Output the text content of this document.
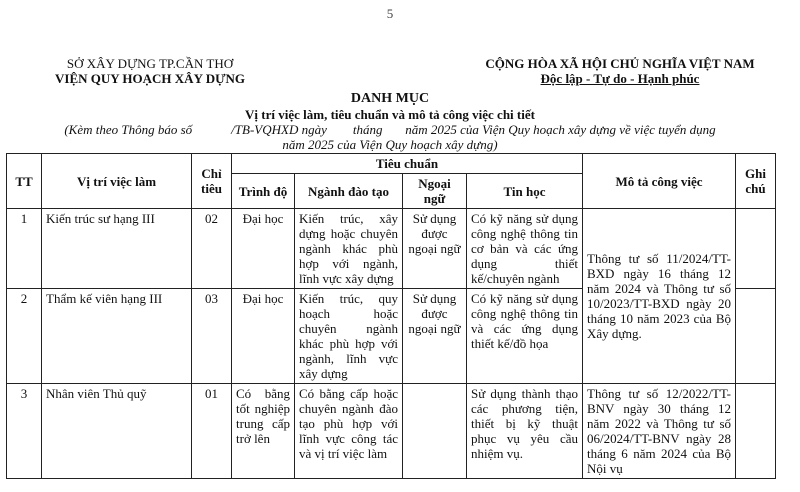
5
SỞ XÂY DỰNG TP.CẦN THƠ
VIỆN QUY HOẠCH XÂY DỰNG
CỘNG HÒA XÃ HỘI CHỦ NGHĨA VIỆT NAM
Độc lập - Tự do - Hạnh phúc
DANH MỤC
Vị trí việc làm, tiêu chuẩn và mô tả công việc chi tiết
(Kèm theo Thông báo số            /TB-VQHXD ngày        tháng       năm 2025 của Viện Quy hoạch xây dựng về việc tuyển dụng
năm 2025 của Viện Quy hoạch xây dựng)
TT	Vị trí việc làm	Chỉ tiêu	Tiêu chuẩn				Mô tả công việc	Ghi chú
			Trình độ	Ngành đào tạo	Ngoại ngữ	Tin học		
1	Kiến trúc sư hạng III	02	Đại học	Kiến trúc, xây dựng hoặc chuyên ngành khác phù hợp với ngành, lĩnh vực xây dựng	Sử dụng được ngoại ngữ	Có kỹ năng sử dụng công nghệ thông tin cơ bản và các ứng dụng thiết kế/chuyên ngành	Thông tư số 11/2024/TT-BXD ngày 16 tháng 12 năm 2024 và Thông tư số 10/2023/TT-BXD ngày 20 tháng 10 năm 2023 của Bộ Xây dựng.	
2	Thẩm kế viên hạng III	03	Đại học	Kiến trúc, quy hoạch hoặc chuyên ngành khác phù hợp với ngành, lĩnh vực xây dựng	Sử dụng được ngoại ngữ	Có kỹ năng sử dụng công nghệ thông tin và các ứng dụng thiết kế/đồ họa		
3	Nhân viên Thủ quỹ	01	Có bằng tốt nghiệp trung cấp trở lên	Có bằng cấp hoặc chuyên ngành đào tạo phù hợp với lĩnh vực công tác và vị trí việc làm		Sử dụng thành thạo các phương tiện, thiết bị kỹ thuật phục vụ yêu cầu nhiệm vụ.	Thông tư số 12/2022/TT-BNV ngày 30 tháng 12 năm 2022 và Thông tư số 06/2024/TT-BNV ngày 28 tháng 6 năm 2024 của Bộ Nội vụ	
